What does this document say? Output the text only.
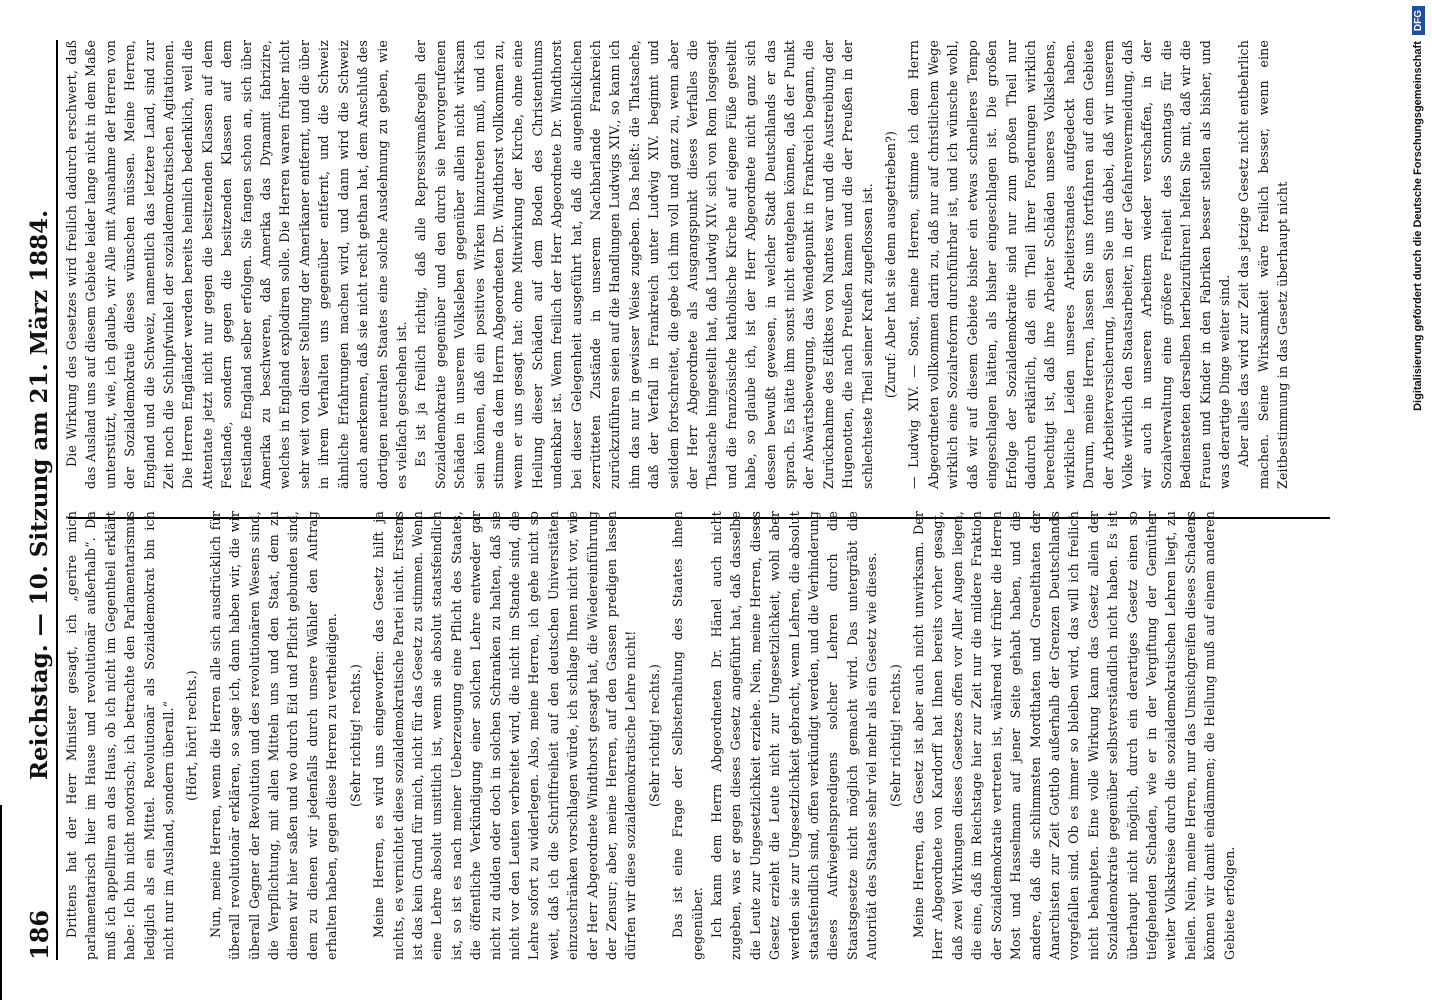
186
Reichstag. — 10. Sitzung am 21. März 1884. Drittens hat der Herr Minister gesagt, ich „gerire mich parlamentarisch hier im Hause und revolutionär außerhalb“. Da muß ich appelliren an das Haus, ob ich nicht im Gegentheil erklärt habe: Ich bin nicht notorisch; ich betrachte den Parlamentarismus lediglich als ein Mittel. Revolutionär als Sozialdemokrat bin ich nicht nur im Ausland, sondern überall.“ (Hört, hört! rechts.) Nun, meine Herren, wenn die Herren alle sich ausdrücklich für überall revolutionär erklären, so sage ich, dann haben wir, die wir überall Gegner der Revolution und des revolutionären Wesens sind, die Verpflichtung, mit allen Mitteln uns und den Staat, dem zu dienen wir hier saßen und wo durch Eid und Pflicht gebunden sind, dem zu dienen wir jedenfalls durch unsere Wähler den Auftrag erhalten haben, gegen diese Herren zu vertheidigen. (Sehr richtig! rechts.) Meine Herren, es wird uns eingeworfen: das Gesetz hilft ja nichts, es vernichtet diese sozialdemokratische Partei nicht. Erstens ist das kein Grund für mich, nicht für das Gesetz zu stimmen. Wenn eine Lehre absolut unsittlich ist, wenn sie absolut staatsfeindlich ist, so ist es nach meiner Ueberzeugung eine Pflicht des Staates, die öffentliche Verkündigung einer solchen Lehre entweder gar nicht zu dulden oder doch in solchen Schranken zu halten, daß sie nicht vor den Leuten verbreitet wird, die nicht im Stande sind, die Lehre sofort zu widerlegen. Also, meine Herren, ich gehe nicht so weit, daß ich die Schriftfreiheit auf den deutschen Universitäten einzuschränken vorschlagen würde, ich schlage Ihnen nicht vor, wie der Herr Abgeordnete Windthorst gesagt hat, die Wiedereinführung der Zensur; aber, meine Herren, auf den Gassen predigen lassen dürfen wir diese sozialdemokratische Lehre nicht! (Sehr richtig! rechts.) Das ist eine Frage der Selbsterhaltung des Staates ihnen gegenüber. Ich kann dem Herrn Abgeordneten Dr. Hänel auch nicht zugeben, was er gegen dieses Gesetz angeführt hat, daß dasselbe die Leute zur Ungesetzlichkeit erziehe. Nein, meine Herren, dieses Gesetz erzieht die Leute nicht zur Ungesetzlichkeit, wohl aber werden sie zur Ungesetzlichkeit gebracht, wenn Lehren, die absolut staatsfeindlich sind, offen verkündigt werden, und die Verhinderung dieses Aufwiegelnspredigens solcher Lehren durch die Staatsgesetze nicht möglich gemacht wird. Das untergräbt die Autorität des Staates sehr viel mehr als ein Gesetz wie dieses. (Sehr richtig! rechts.) Meine Herren, das Gesetz ist aber auch nicht unwirksam. Der Herr Abgeordnete von Kardorff hat Ihnen bereits vorher gesagt, daß zwei Wirkungen dieses Gesetzes offen vor Aller Augen liegen, die eine, daß im Reichstage hier zur Zeit nur die mildere Fraktion der Sozialdemokratie vertreten ist, während wir früher die Herren Most und Hasselmann auf jener Seite gehabt haben, und die andere, daß die schlimmsten Mordthaten und Greuelthaten der Anarchisten zur Zeit Gottlob außerhalb der Grenzen Deutschlands vorgefallen sind. Ob es immer so bleiben wird, das will ich freilich nicht behaupten. Eine volle Wirkung kann das Gesetz allein der Sozialdemokratie gegenüber selbstverständlich nicht haben. Es ist überhaupt nicht möglich, durch ein derartiges Gesetz einen so tiefgehenden Schaden, wie er in der Vergiftung der Gemüther weiter Volkskreise durch die sozialdemokratischen Lehren liegt, zu heilen. Nein, meine Herren, nur das Umsichgreifen dieses Schadens können wir damit eindämmen; die Heilung muß auf einem anderen Gebiete erfolgen.

Die Wirkung des Gesetzes wird freilich dadurch erschwert, daß das Ausland uns auf diesem Gebiete leider lange nicht in dem Maße unterstützt, wie, ich glaube, wir Alle mit Ausnahme der Herren von der Sozialdemokratie dieses wünschen müssen. Meine Herren, England und die Schweiz, namentlich das letztere Land, sind zur Zeit noch die Schlupfwinkel der sozialdemokratischen Agitationen. Die Herren Engländer werden bereits heimlich bedenklich, weil die Attentate jetzt nicht nur gegen die besitzenden Klassen auf dem Festlande, sondern gegen die besitzenden Klassen auf dem Festlande England selber erfolgen. Sie fangen schon an, sich über Amerika zu beschweren, daß Amerika das Dynamit fabrizire, welches in England explodiren solle. Die Herren waren früher nicht sehr weit von dieser Stellung der Amerikaner entfernt, und die über in ihrem Verhalten uns gegenüber entfernt, und die Schweiz ähnliche Erfahrungen machen wird, und dann wird die Schweiz auch anerkennen, daß sie nicht recht gethan hat, dem Anschluß des dortigen neutralen Staates eine solche Ausdehnung zu geben, wie es vielfach geschehen ist. Es ist ja freilich richtig, daß alle Repressivmaßregeln der Sozialdemokratie gegenüber und den durch sie hervorgerufenen Schäden in unserem Volksleben gegenüber allein nicht wirksam sein können, daß ein positives Wirken hinzutreten muß, und ich stimme da dem Herrn Abgeordneten Dr. Windthorst vollkommen zu, wenn er uns gesagt hat: ohne Mitwirkung der Kirche, ohne eine Heilung dieser Schäden auf dem Boden des Christenthums undenkbar ist. Wenn freilich der Herr Abgeordnete Dr. Windthorst bei dieser Gelegenheit ausgeführt hat, daß die augenblicklichen zerrütteten Zustände in unserem Nachbarlande Frankreich zurückzuführen seien auf die Handlungen Ludwigs XIV., so kann ich ihm das nur in gewisser Weise zugeben. Das heißt: die Thatsache, daß der Verfall in Frankreich unter Ludwig XIV. beginnt und seitdem fortschreitet, die gebe ich ihm voll und ganz zu, wenn aber der Herr Abgeordnete als Ausgangspunkt dieses Verfalles die Thatsache hingestellt hat, daß Ludwig XIV. sich von Rom losgesagt und die französische katholische Kirche auf eigene Füße gestellt habe, so glaube ich, ist der Herr Abgeordnete nicht ganz sich dessen bewußt gewesen, in welcher Stadt Deutschlands er das sprach. Es hätte ihm sonst nicht entgehen können, daß der Punkt der Abwärtsbewegung, das Wendepunkt in Frankreich begann, die Zurücknahme des Ediktes von Nantes war und die Austreibung der Hugenotten, die nach Preußen kamen und die der Preußen in der schlechteste Theil seiner Kraft zugeflossen ist. (Zuruf: Aber hat sie denn ausgetrieben?) — Ludwig XIV. — Sonst, meine Herren, stimme ich dem Herrn Abgeordneten vollkommen darin zu, daß nur auf christlichem Wege wirklich eine Sozialreform durchführbar ist, und ich wünsche wohl, daß wir auf diesem Gebiete bisher ein etwas schnelleres Tempo eingeschlagen hätten, als bisher eingeschlagen ist. Die großen Erfolge der Sozialdemokratie sind nur zum großen Theil nur dadurch erklärlich, daß ein Theil ihrer Forderungen wirklich berechtigt ist, daß ihre Arbeiter Schäden unseres Volkslebens, wirkliche Leiden unseres Arbeiterstandes aufgedeckt haben. Darum, meine Herren, lassen Sie uns fortfahren auf dem Gebiete der Arbeiterversicherung, lassen Sie uns dabei, daß wir unserem Volke wirklich den Staatsarbeiter, in der Gefahrenvermeidung, daß wir auch in unseren Arbeitern wieder verschaffen, in der Sozialverwaltung eine größere Freiheit des Sonntags für die Bediensteten derselben herbeizuführen! helfen Sie mit, daß wir die Frauen und Kinder in den Fabriken besser stellen als bisher, und was derartige Dinge weiter sind. Aber alles das wird zur Zeit das jetzige Gesetz nicht entbehrlich machen. Seine Wirksamkeit wäre freilich besser, wenn eine Zeitbestimmung in das Gesetz überhaupt nicht	Digitalisierung gefördert durch die Deutsche Forschungsgemeinschaft
DFG
